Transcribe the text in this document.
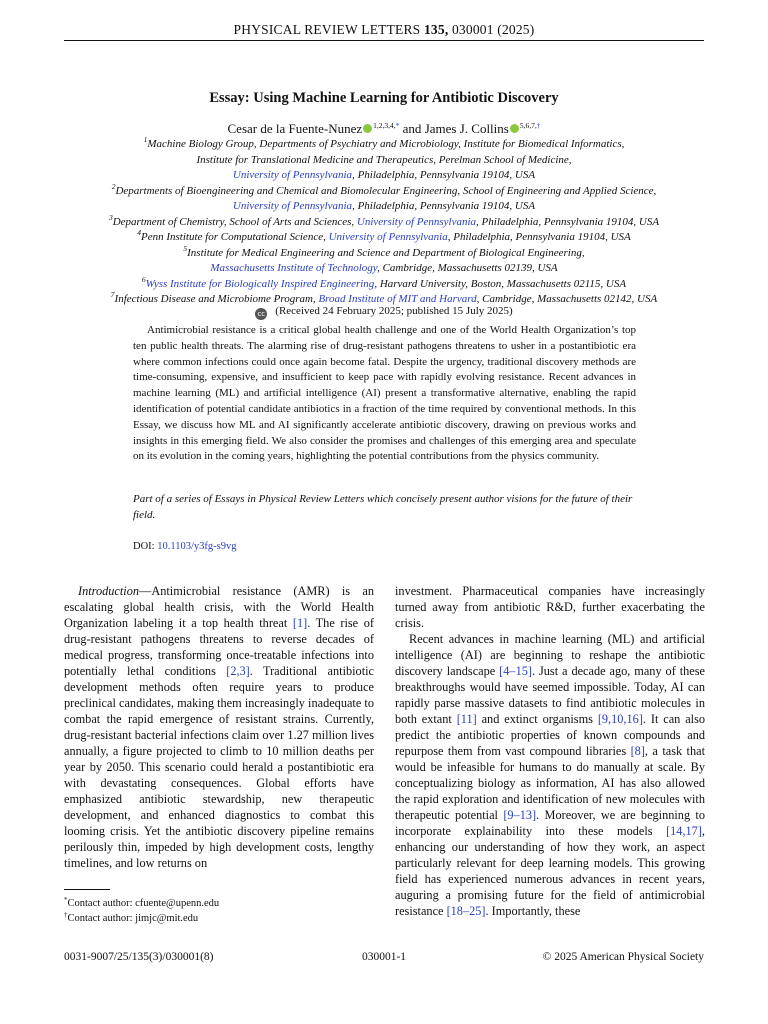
PHYSICAL REVIEW LETTERS 135, 030001 (2025)
Essay: Using Machine Learning for Antibiotic Discovery
Cesar de la Fuente-Nunez $^{1,2,3,4,*}$ and James J. Collins $^{5,6,7,\dagger}$
$^1$Machine Biology Group, Departments of Psychiatry and Microbiology, Institute for Biomedical Informatics,
Institute for Translational Medicine and Therapeutics, Perelman School of Medicine,
University of Pennsylvania, Philadelphia, Pennsylvania 19104, USA
$^2$Departments of Bioengineering and Chemical and Biomolecular Engineering, School of Engineering and Applied Science,
University of Pennsylvania, Philadelphia, Pennsylvania 19104, USA
$^3$Department of Chemistry, School of Arts and Sciences, University of Pennsylvania, Philadelphia, Pennsylvania 19104, USA
$^4$Penn Institute for Computational Science, University of Pennsylvania, Philadelphia, Pennsylvania 19104, USA
$^5$Institute for Medical Engineering and Science and Department of Biological Engineering,
Massachusetts Institute of Technology, Cambridge, Massachusetts 02139, USA
$^6$Wyss Institute for Biologically Inspired Engineering, Harvard University, Boston, Massachusetts 02115, USA
$^7$Infectious Disease and Microbiome Program, Broad Institute of MIT and Harvard, Cambridge, Massachusetts 02142, USA
cc (Received 24 February 2025; published 15 July 2025)

Antimicrobial resistance is a critical global health challenge and one of the World Health Organization’s top ten public health threats. The alarming rise of drug-resistant pathogens threatens to usher in a postantibiotic era where common infections could once again become fatal. Despite the urgency, traditional discovery methods are time-consuming, expensive, and insufficient to keep pace with rapidly evolving resistance. Recent advances in machine learning (ML) and artificial intelligence (AI) present a transformative alternative, enabling the rapid identification of potential candidate antibiotics in a fraction of the time required by conventional methods. In this Essay, we discuss how ML and AI significantly accelerate antibiotic discovery, drawing on previous works and insights in this emerging field. We also consider the promises and challenges of this emerging area and speculate on its evolution in the coming years, highlighting the potential contributions from the physics community.

Part of a series of Essays in Physical Review Letters which concisely present author visions for the future of their field.
DOI: 10.1103/y3fg-s9vg

Introduction—Antimicrobial resistance (AMR) is an escalating global health crisis, with the World Health Organization labeling it a top health threat [1]. The rise of drug-resistant pathogens threatens to reverse decades of medical progress, transforming once-treatable infections into potentially lethal conditions [2,3]. Traditional antibiotic development methods often require years to produce preclinical candidates, making them increasingly inadequate to combat the rapid emergence of resistant strains. Currently, drug-resistant bacterial infections claim over 1.27 million lives annually, a figure projected to climb to 10 million deaths per year by 2050. This scenario could herald a postantibiotic era with devastating consequences. Global efforts have emphasized antibiotic stewardship, new therapeutic development, and enhanced diagnostics to combat this looming crisis. Yet the antibiotic discovery pipeline remains perilously thin, impeded by high development costs, lengthy timelines, and low returns on

investment. Pharmaceutical companies have increasingly turned away from antibiotic R&D, further exacerbating the crisis.

Recent advances in machine learning (ML) and artificial intelligence (AI) are beginning to reshape the antibiotic discovery landscape [4–15]. Just a decade ago, many of these breakthroughs would have seemed impossible. Today, AI can rapidly parse massive datasets to find antibiotic molecules in both extant [11] and extinct organisms [9,10,16]. It can also predict the antibiotic properties of known compounds and repurpose them from vast compound libraries [8], a task that would be infeasible for humans to do manually at scale. By conceptualizing biology as information, AI has also allowed the rapid exploration and identification of new molecules with therapeutic potential [9–13]. Moreover, we are beginning to incorporate explainability into these models [14,17], enhancing our understanding of how they work, an aspect particularly relevant for deep learning models. This growing field has experienced numerous advances in recent years, auguring a promising future for the field of antimicrobial resistance [18–25]. Importantly, these

*Contact author: cfuente@upenn.edu
†Contact author: jimjc@mit.edu
0031-9007/25/135(3)/030001(8)	030001-1	© 2025 American Physical Society
